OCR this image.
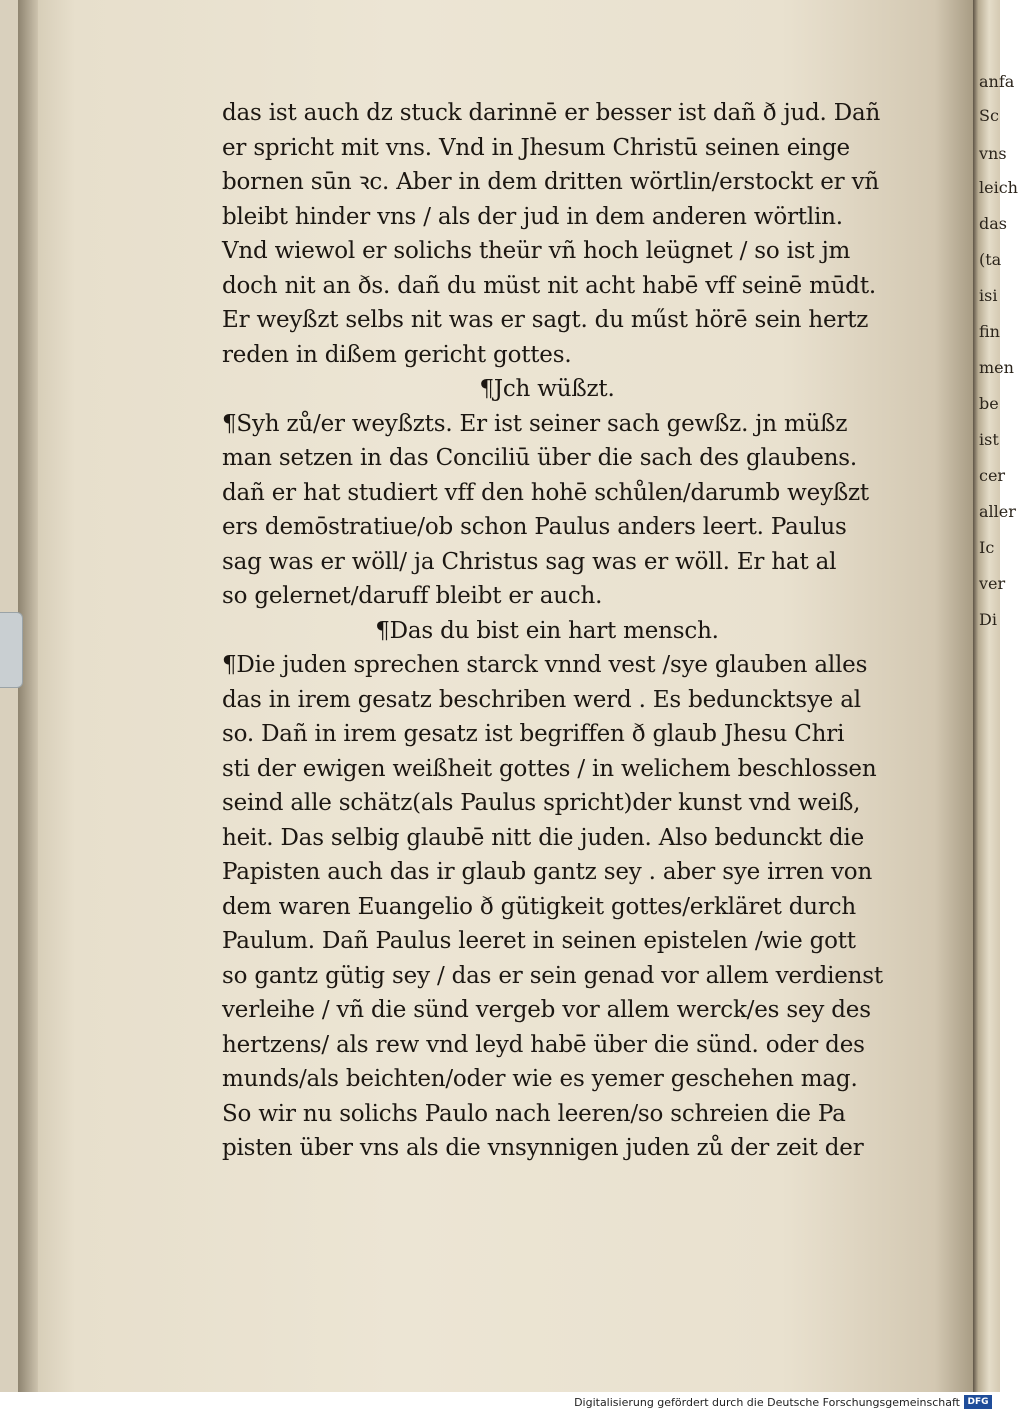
anfa
Sc
vns
leich
das
(ta
isi
fin
men
be
ist
cer
aller
Ic
ver
Di
das ist auch dz stuck darinnē er besser ist dañ ð jud. Dañ
er spricht mit vns. Vnd in Jhesum Christū seinen einge
bornen sūn ꝛc. Aber in dem dritten wörtlin/erstockt er vñ
bleibt hinder vns / als der jud in dem anderen wörtlin.
Vnd wiewol er solichs theür vñ hoch leügnet / so ist jm
doch nit an ðs. dañ du müst nit acht habē vff seinē mūdt.
Er weyßzt selbs nit was er sagt. du műst hörē sein hertz
reden in dißem gericht gottes.
¶Jch wüßzt.
¶Syh zů/er weyßzts. Er ist seiner sach gewßz. jn müßz
man setzen in das Conciliū über die sach des glaubens.
dañ er hat studiert vff den hohē schůlen/darumb weyßzt
ers demōstratiue/ob schon Paulus anders leert. Paulus
sag was er wöll/ ja Christus sag was er wöll. Er hat al
so gelernet/daruff bleibt er auch.
¶Das du bist ein hart mensch.
¶Die juden sprechen starck vnnd vest /sye glauben alles
das in irem gesatz beschriben werd . Es beduncktsye al
so. Dañ in irem gesatz ist begriffen ð glaub Jhesu Chri
sti der ewigen weißheit gottes / in welichem beschlossen
seind alle schätz(als Paulus spricht)der kunst vnd weiß,
heit. Das selbig glaubē nitt die juden. Also bedunckt die
Papisten auch das ir glaub gantz sey . aber sye irren von
dem waren Euangelio ð gütigkeit gottes/erkläret durch
Paulum. Dañ Paulus leeret in seinen epistelen /wie gott
so gantz gütig sey / das er sein genad vor allem verdienst
verleihe / vñ die sünd vergeb vor allem werck/es sey des
hertzens/ als rew vnd leyd habē über die sünd. oder des
munds/als beichten/oder wie es yemer geschehen mag.
So wir nu solichs Paulo nach leeren/so schreien die Pa
pisten über vns als die vnsynnigen juden zů der zeit der
Digitalisierung gefördert durch die Deutsche Forschungsgemeinschaft DFG
